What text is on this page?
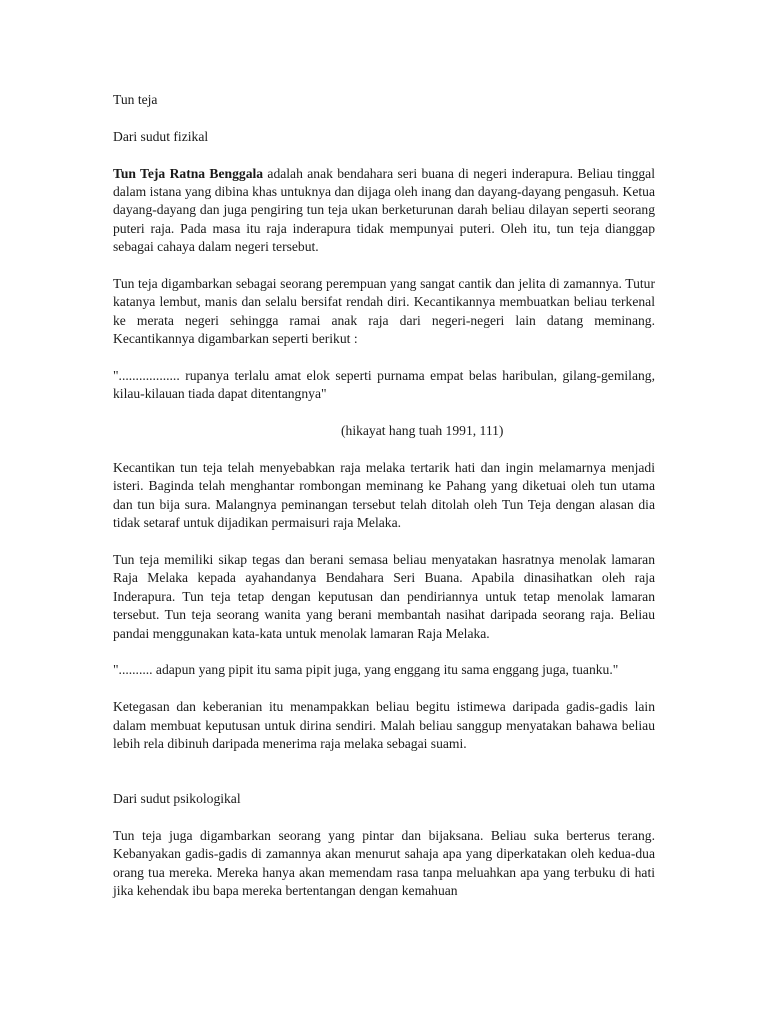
Tun teja

Dari sudut fizikal

Tun Teja Ratna Benggala adalah anak bendahara seri buana di negeri inderapura. Beliau tinggal dalam istana yang dibina khas untuknya dan dijaga oleh inang dan dayang-dayang pengasuh. Ketua dayang-dayang dan juga pengiring tun teja ukan berketurunan darah beliau dilayan seperti seorang puteri raja. Pada masa itu raja inderapura tidak mempunyai puteri. Oleh itu, tun teja dianggap sebagai cahaya dalam negeri tersebut.

Tun teja digambarkan sebagai seorang perempuan yang sangat cantik dan jelita di zamannya. Tutur katanya lembut, manis dan selalu bersifat rendah diri. Kecantikannya membuatkan beliau terkenal ke merata negeri sehingga ramai anak raja dari negeri-negeri lain datang meminang. Kecantikannya digambarkan seperti berikut :

".................. rupanya terlalu amat elok seperti purnama empat belas haribulan, gilang-gemilang, kilau-kilauan tiada dapat ditentangnya"

(hikayat hang tuah 1991, 111)

Kecantikan tun teja telah menyebabkan raja melaka tertarik hati dan ingin melamarnya menjadi isteri. Baginda telah menghantar rombongan meminang ke Pahang yang diketuai oleh tun utama dan tun bija sura. Malangnya peminangan tersebut telah ditolah oleh Tun Teja dengan alasan dia tidak setaraf untuk dijadikan permaisuri raja Melaka.

Tun teja memiliki sikap tegas dan berani semasa beliau menyatakan hasratnya menolak lamaran Raja Melaka kepada ayahandanya Bendahara Seri Buana. Apabila dinasihatkan oleh raja Inderapura. Tun teja tetap dengan keputusan dan pendiriannya untuk tetap menolak lamaran tersebut. Tun teja seorang wanita yang berani membantah nasihat daripada seorang raja. Beliau pandai menggunakan kata-kata untuk menolak lamaran Raja Melaka.

".......... adapun yang pipit itu sama pipit juga, yang enggang itu sama enggang juga, tuanku."

Ketegasan dan keberanian itu menampakkan beliau begitu istimewa daripada gadis-gadis lain dalam membuat keputusan untuk dirina sendiri. Malah beliau sanggup menyatakan bahawa beliau lebih rela dibinuh daripada menerima raja melaka sebagai suami.

Dari sudut psikologikal

Tun teja juga digambarkan seorang yang pintar dan bijaksana. Beliau suka berterus terang. Kebanyakan gadis-gadis di zamannya akan menurut sahaja apa yang diperkatakan oleh kedua-dua orang tua mereka. Mereka hanya akan memendam rasa tanpa meluahkan apa yang terbuku di hati jika kehendak ibu bapa mereka bertentangan dengan kemahuan
